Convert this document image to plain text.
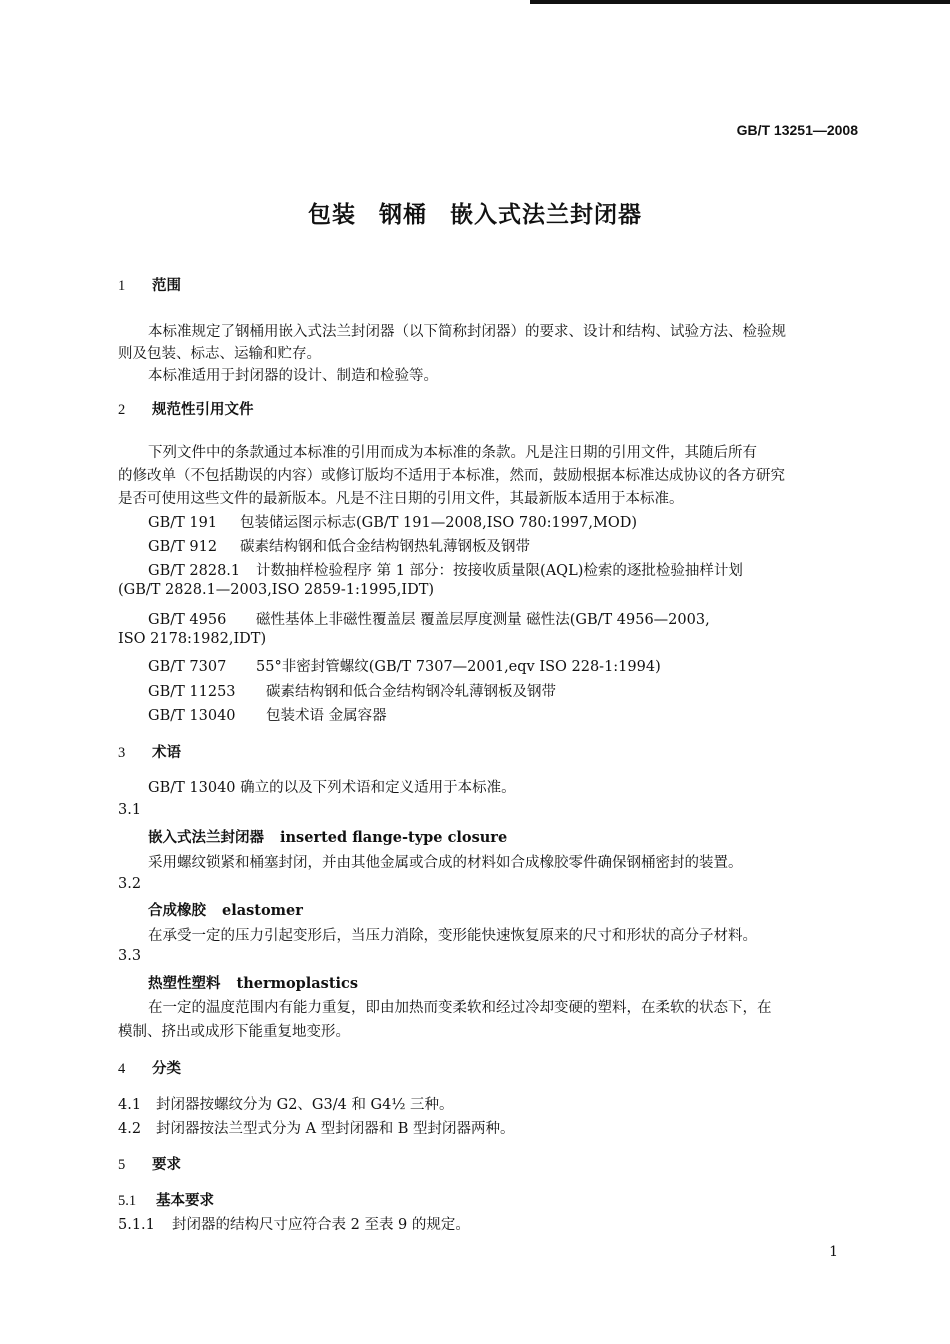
GB/T 13251—2008
包装 钢桶 嵌入式法兰封闭器
1 范围
本标准规定了钢桶用嵌入式法兰封闭器（以下简称封闭器）的要求、设计和结构、试验方法、检验规
则及包装、标志、运输和贮存。
本标准适用于封闭器的设计、制造和检验等。
2 规范性引用文件
下列文件中的条款通过本标准的引用而成为本标准的条款。凡是注日期的引用文件，其随后所有
的修改单（不包括勘误的内容）或修订版均不适用于本标准，然而，鼓励根据本标准达成协议的各方研究
是否可使用这些文件的最新版本。凡是不注日期的引用文件，其最新版本适用于本标准。
GB/T 191 包装储运图示标志(GB/T 191—2008,ISO 780:1997,MOD)
GB/T 912 碳素结构钢和低合金结构钢热轧薄钢板及钢带
GB/T 2828.1 计数抽样检验程序 第 1 部分：按接收质量限(AQL)检索的逐批检验抽样计划
(GB/T 2828.1—2003,ISO 2859-1:1995,IDT)
GB/T 4956 磁性基体上非磁性覆盖层 覆盖层厚度测量 磁性法(GB/T 4956—2003,
ISO 2178:1982,IDT)
GB/T 7307 55°非密封管螺纹(GB/T 7307—2001,eqv ISO 228-1:1994)
GB/T 11253 碳素结构钢和低合金结构钢冷轧薄钢板及钢带
GB/T 13040 包装术语 金属容器
3 术语
GB/T 13040 确立的以及下列术语和定义适用于本标准。
3.1
嵌入式法兰封闭器 inserted flange-type closure
采用螺纹锁紧和桶塞封闭，并由其他金属或合成的材料如合成橡胶零件确保钢桶密封的装置。
3.2
合成橡胶 elastomer
在承受一定的压力引起变形后，当压力消除，变形能快速恢复原来的尺寸和形状的高分子材料。
3.3
热塑性塑料 thermoplastics
在一定的温度范围内有能力重复，即由加热而变柔软和经过冷却变硬的塑料，在柔软的状态下，在
模制、挤出或成形下能重复地变形。
4 分类
4.1 封闭器按螺纹分为 G2、G3/4 和 G4½ 三种。
4.2 封闭器按法兰型式分为 A 型封闭器和 B 型封闭器两种。
5 要求
5.1 基本要求
5.1.1 封闭器的结构尺寸应符合表 2 至表 9 的规定。
1
